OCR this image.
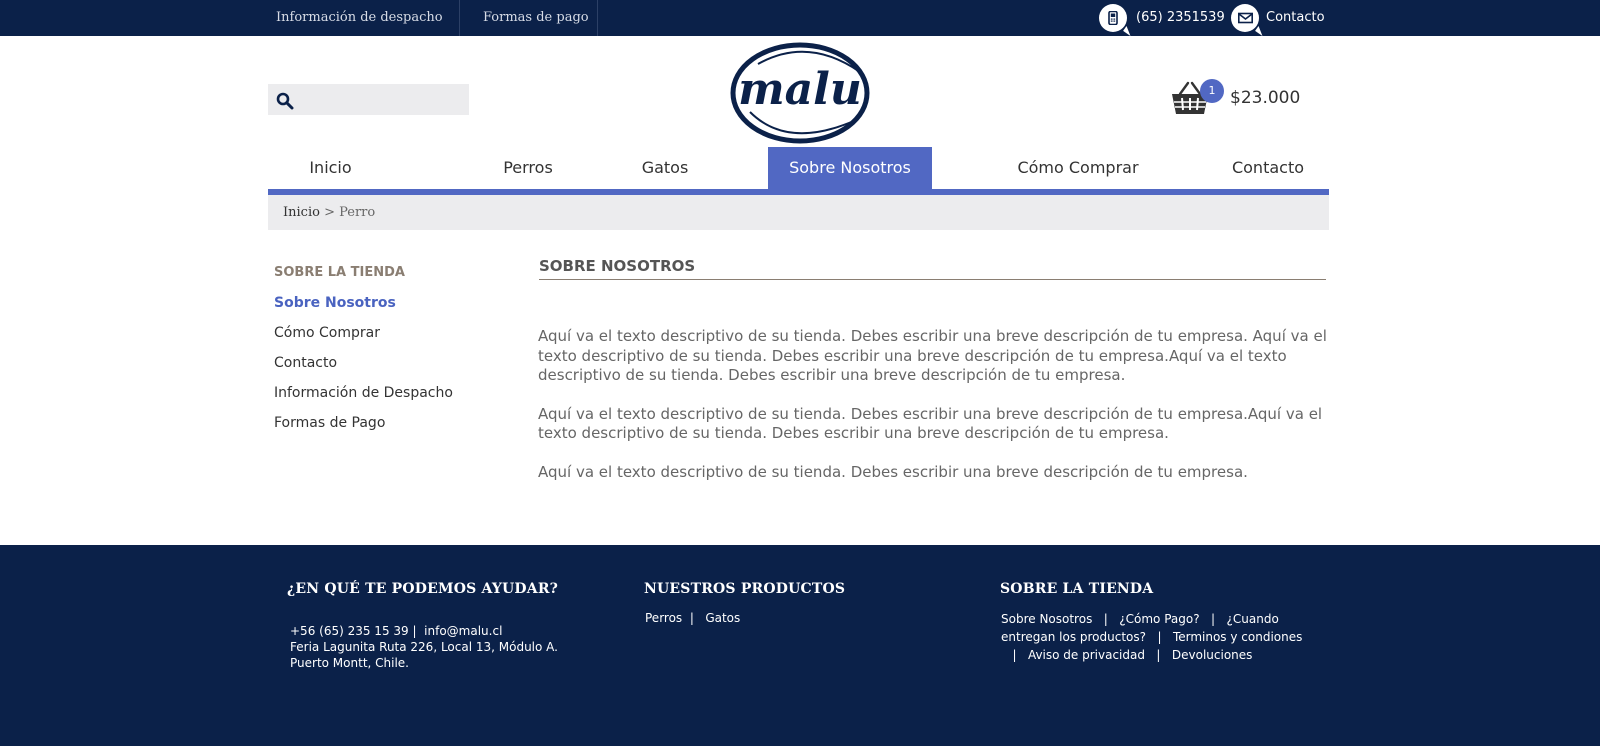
Información de despacho	Formas de pago	(65) 2351539	Contacto
malu	1 $23.000
Inicio	Perros	Gatos	Sobre Nosotros	Cómo Comprar	Contacto
Inicio > Perro
SOBRE LA TIENDA
Sobre Nosotros
Cómo Comprar
Contacto
Información de Despacho
Formas de Pago
SOBRE NOSOTROS

Aquí va el texto descriptivo de su tienda. Debes escribir una breve descripción de tu empresa. Aquí va el texto descriptivo de su tienda. Debes escribir una breve descripción de tu empresa.Aquí va el texto descriptivo de su tienda. Debes escribir una breve descripción de tu empresa.

Aquí va el texto descriptivo de su tienda. Debes escribir una breve descripción de tu empresa.Aquí va el texto descriptivo de su tienda. Debes escribir una breve descripción de tu empresa.

Aquí va el texto descriptivo de su tienda. Debes escribir una breve descripción de tu empresa.

¿EN QUÉ TE PODEMOS AYUDAR?
+56 (65) 235 15 39 |  info@malu.cl
Feria Lagunita Ruta 226, Local 13, Módulo A.
Puerto Montt, Chile.
NUESTROS PRODUCTOS
Perros  |   Gatos
SOBRE LA TIENDA
Sobre Nosotros   |   ¿Cómo Pago?   |   ¿Cuando entregan los productos?   |   Terminos y condiones   |   Aviso de privacidad   |   Devoluciones
